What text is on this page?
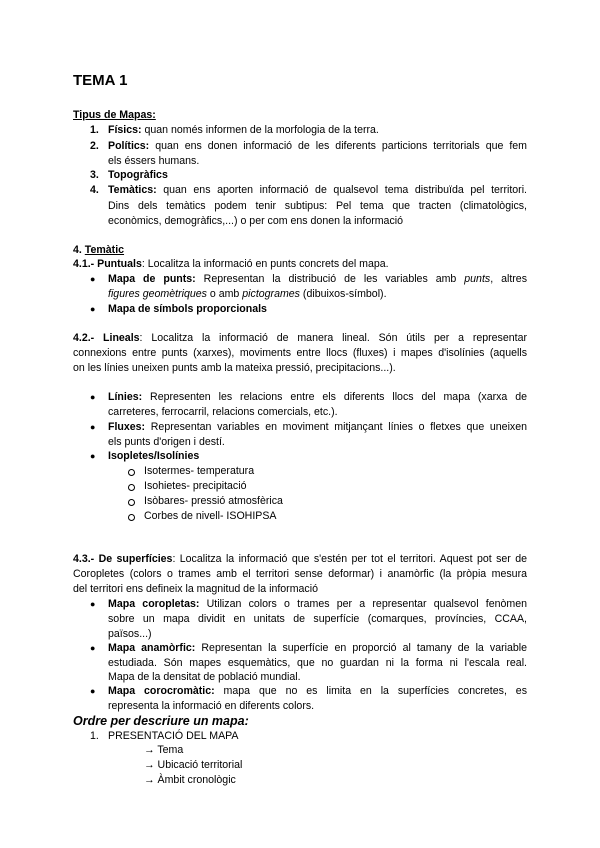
TEMA 1
Tipus de Mapas:
1. Físics: quan només informen de la morfologia de la terra.
2. Polítics: quan ens donen informació de les diferents particions territorials que fem
els éssers humans.
3. Topogràfics
4. Temàtics: quan ens aporten informació de qualsevol tema distribuïda pel territori.
Dins dels temàtics podem tenir subtipus: Pel tema que tracten (climatològics,
econòmics, demogràfics,...) o per com ens donen la informació
4. Temàtic
4.1.- Puntuals: Localitza la informació en punts concrets del mapa.
● Mapa de punts: Representan la distribució de les variables amb punts, altres
figures geomètriques o amb pictogrames (dibuixos-símbol).
● Mapa de símbols proporcionals
4.2.- Lineals: Localitza la informació de manera lineal. Són útils per a representar
connexions entre punts (xarxes), moviments entre llocs (fluxes) i mapes d'isolínies (aquells
on les línies uneixen punts amb la mateixa pressió, precipitacions...).
● Línies: Representen les relacions entre els diferents llocs del mapa (xarxa de
carreteres, ferrocarril, relacions comercials, etc.).
● Fluxes: Representan variables en moviment mitjançant línies o fletxes que uneixen
els punts d'origen i destí.
● Isopletes/Isolínies
Isotermes- temperatura
Isohietes- precipitació
Isòbares- pressió atmosfèrica
Corbes de nivell- ISOHIPSA
4.3.- De superfícies: Localitza la informació que s'estén per tot el territori. Aquest pot ser de
Coropletes (colors o trames amb el territori sense deformar) i anamòrfic (la pròpia mesura
del territori ens defineix la magnitud de la informació
● Mapa coropletas: Utilizan colors o trames per a representar qualsevol fenòmen
sobre un mapa dividit en unitats de superfície (comarques, províncies, CCAA,
països...)
● Mapa anamòrfic: Representan la superfície en proporció al tamany de la variable
estudiada. Són mapes esquemàtics, que no guardan ni la forma ni l'escala real.
Mapa de la densitat de població mundial.
● Mapa corocromàtic: mapa que no es limita en la superfícies concretes, es
representa la informació en diferents colors.
Ordre per descriure un mapa:
1. PRESENTACIÓ DEL MAPA
→ Tema
→ Ubicació territorial
→ Àmbit cronològic
